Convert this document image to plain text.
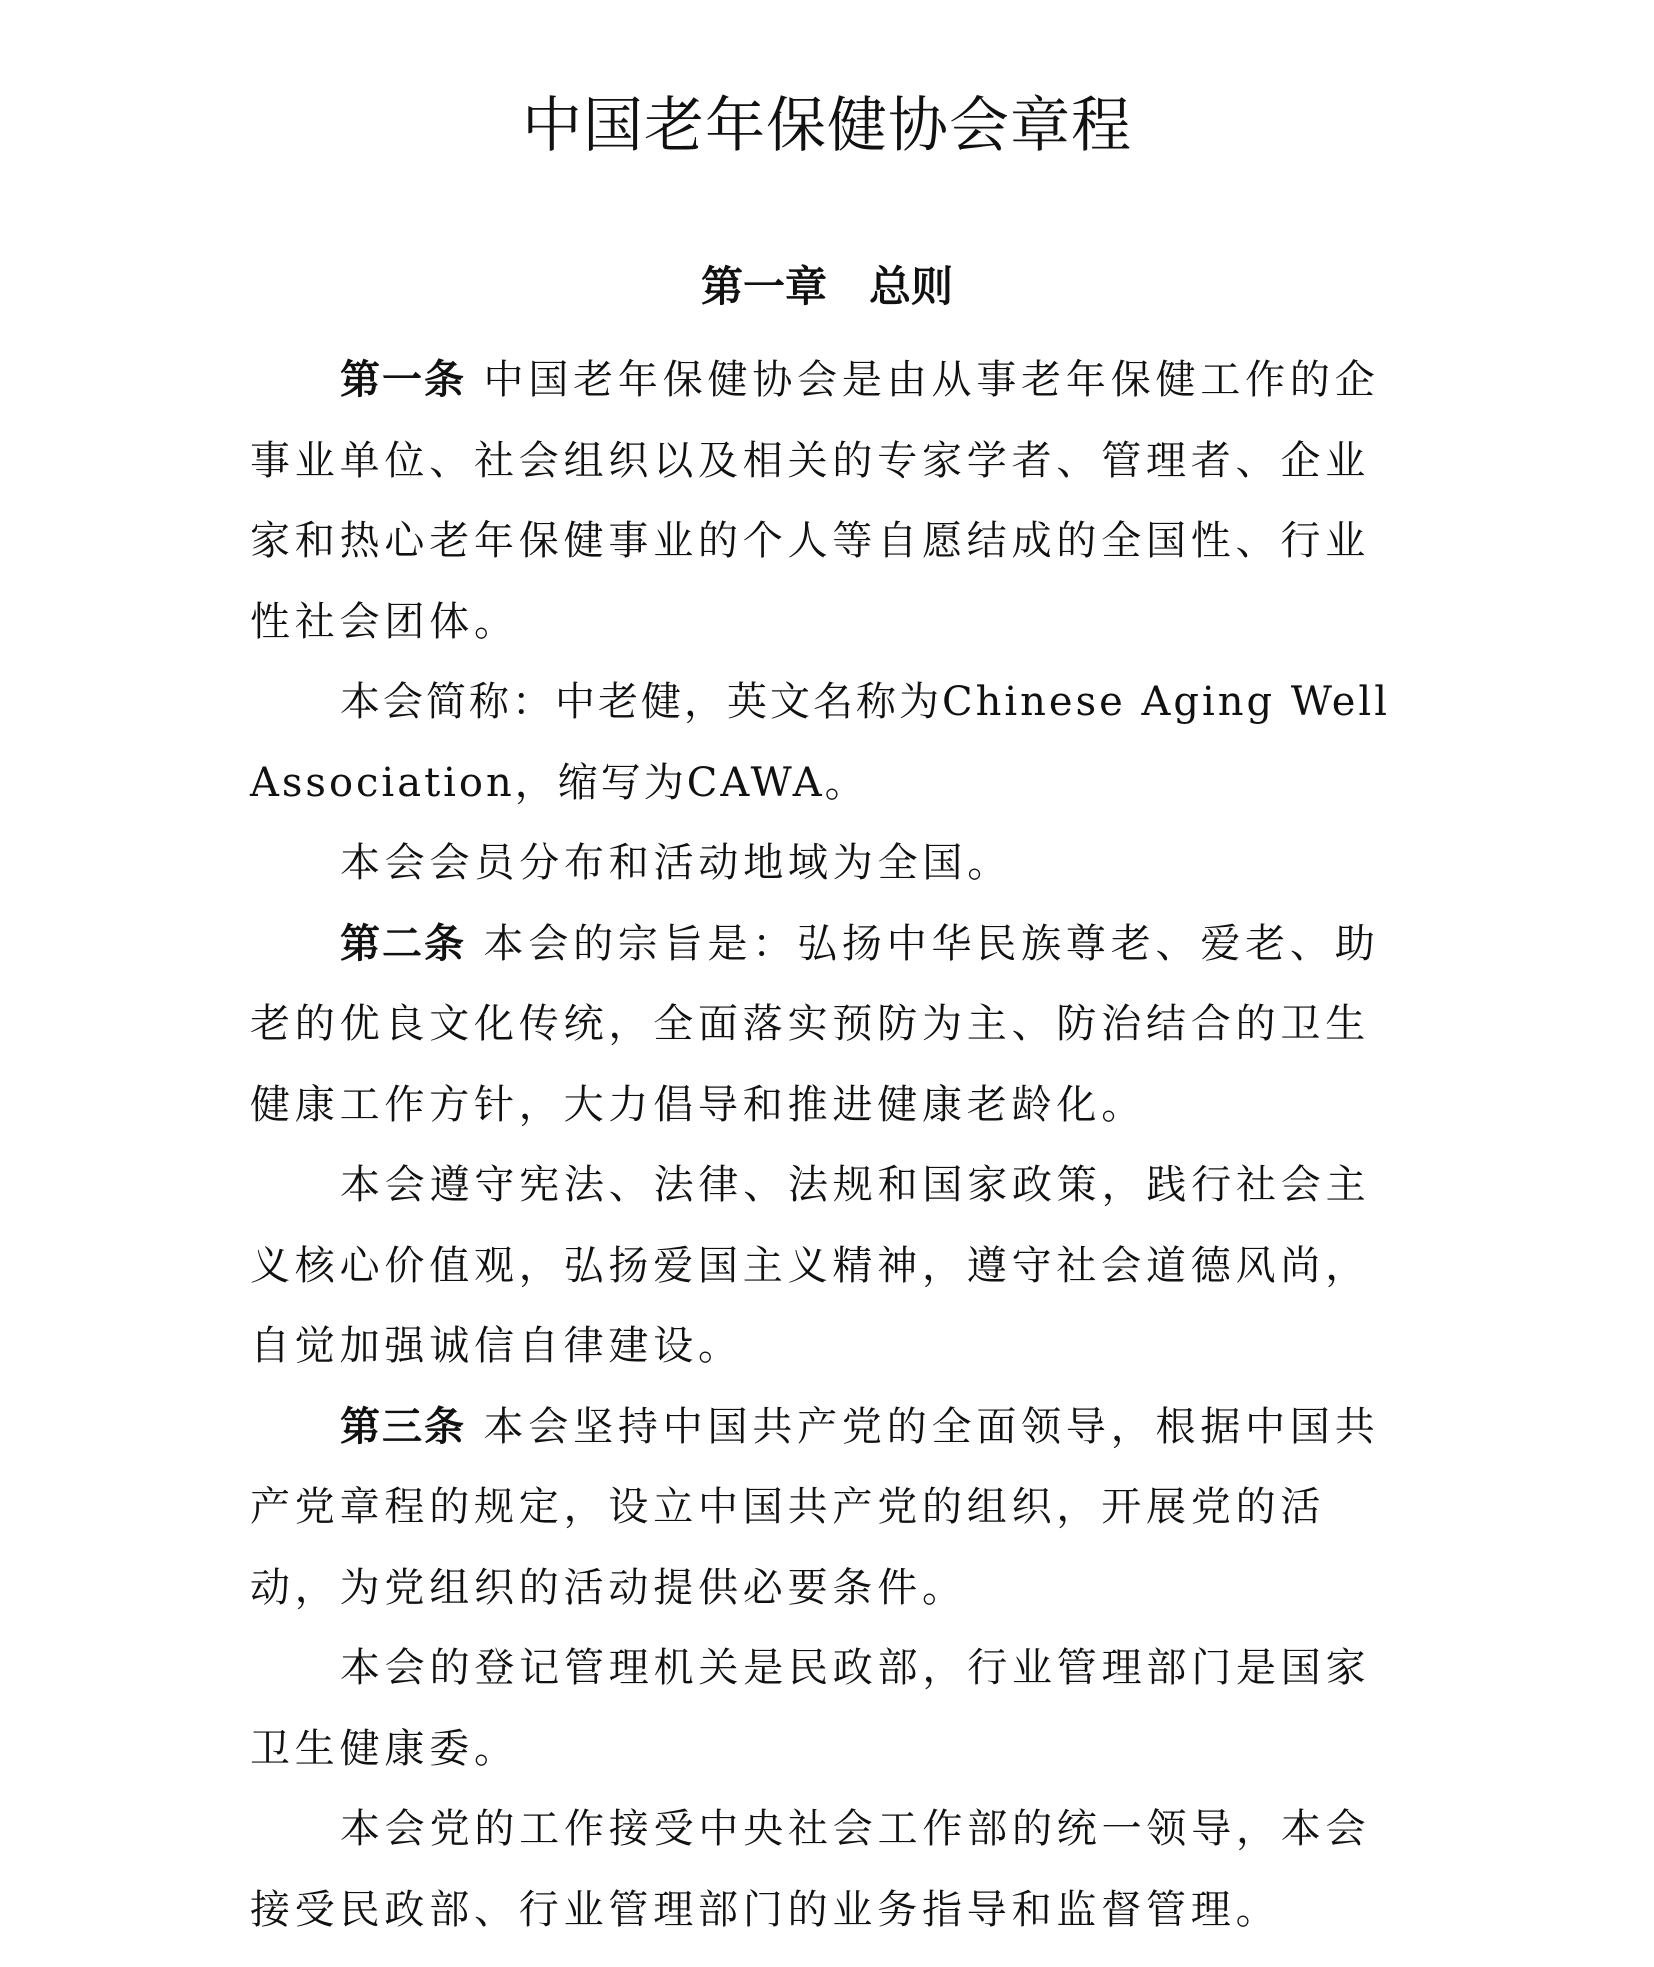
中国老年保健协会章程
第一章　总则

第一条 中国老年保健协会是由从事老年保健工作的企事业单位、社会组织以及相关的专家学者、管理者、企业家和热心老年保健事业的个人等自愿结成的全国性、行业性社会团体。

本会简称：中老健，英文名称为Chinese Aging Well Association，缩写为CAWA。

本会会员分布和活动地域为全国。

第二条 本会的宗旨是：弘扬中华民族尊老、爱老、助老的优良文化传统，全面落实预防为主、防治结合的卫生健康工作方针，大力倡导和推进健康老龄化。

本会遵守宪法、法律、法规和国家政策，践行社会主义核心价值观，弘扬爱国主义精神，遵守社会道德风尚，自觉加强诚信自律建设。

第三条 本会坚持中国共产党的全面领导，根据中国共产党章程的规定，设立中国共产党的组织，开展党的活动，为党组织的活动提供必要条件。

本会的登记管理机关是民政部，行业管理部门是国家卫生健康委。

本会党的工作接受中央社会工作部的统一领导，本会接受民政部、行业管理部门的业务指导和监督管理。
